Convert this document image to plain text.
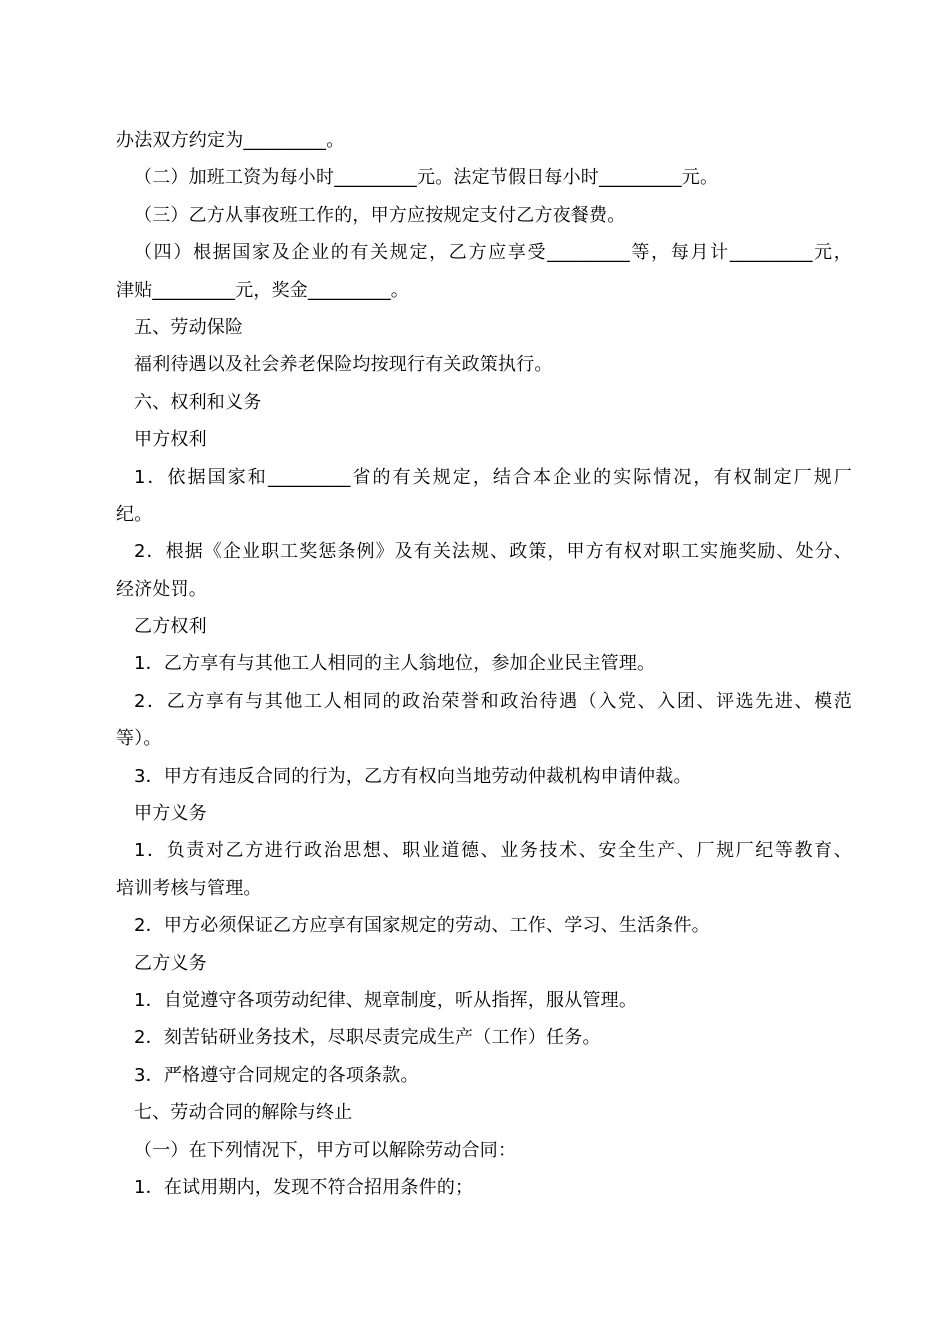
办法双方约定为_________。
（二）加班工资为每小时_________元。法定节假日每小时_________元。
（三）乙方从事夜班工作的，甲方应按规定支付乙方夜餐费。
（四）根据国家及企业的有关规定，乙方应享受_________等，每月计_________元，
津贴_________元，奖金_________。
五、劳动保险
福利待遇以及社会养老保险均按现行有关政策执行。
六、权利和义务
甲方权利
1．依据国家和_________省的有关规定，结合本企业的实际情况，有权制定厂规厂
纪。
2．根据《企业职工奖惩条例》及有关法规、政策，甲方有权对职工实施奖励、处分、
经济处罚。
乙方权利
1．乙方享有与其他工人相同的主人翁地位，参加企业民主管理。
2．乙方享有与其他工人相同的政治荣誉和政治待遇（入党、入团、评选先进、模范
等）。
3．甲方有违反合同的行为，乙方有权向当地劳动仲裁机构申请仲裁。
甲方义务
1．负责对乙方进行政治思想、职业道德、业务技术、安全生产、厂规厂纪等教育、
培训考核与管理。
2．甲方必须保证乙方应享有国家规定的劳动、工作、学习、生活条件。
乙方义务
1．自觉遵守各项劳动纪律、规章制度，听从指挥，服从管理。
2．刻苦钻研业务技术，尽职尽责完成生产（工作）任务。
3．严格遵守合同规定的各项条款。
七、劳动合同的解除与终止
（一）在下列情况下，甲方可以解除劳动合同：
1．在试用期内，发现不符合招用条件的；
